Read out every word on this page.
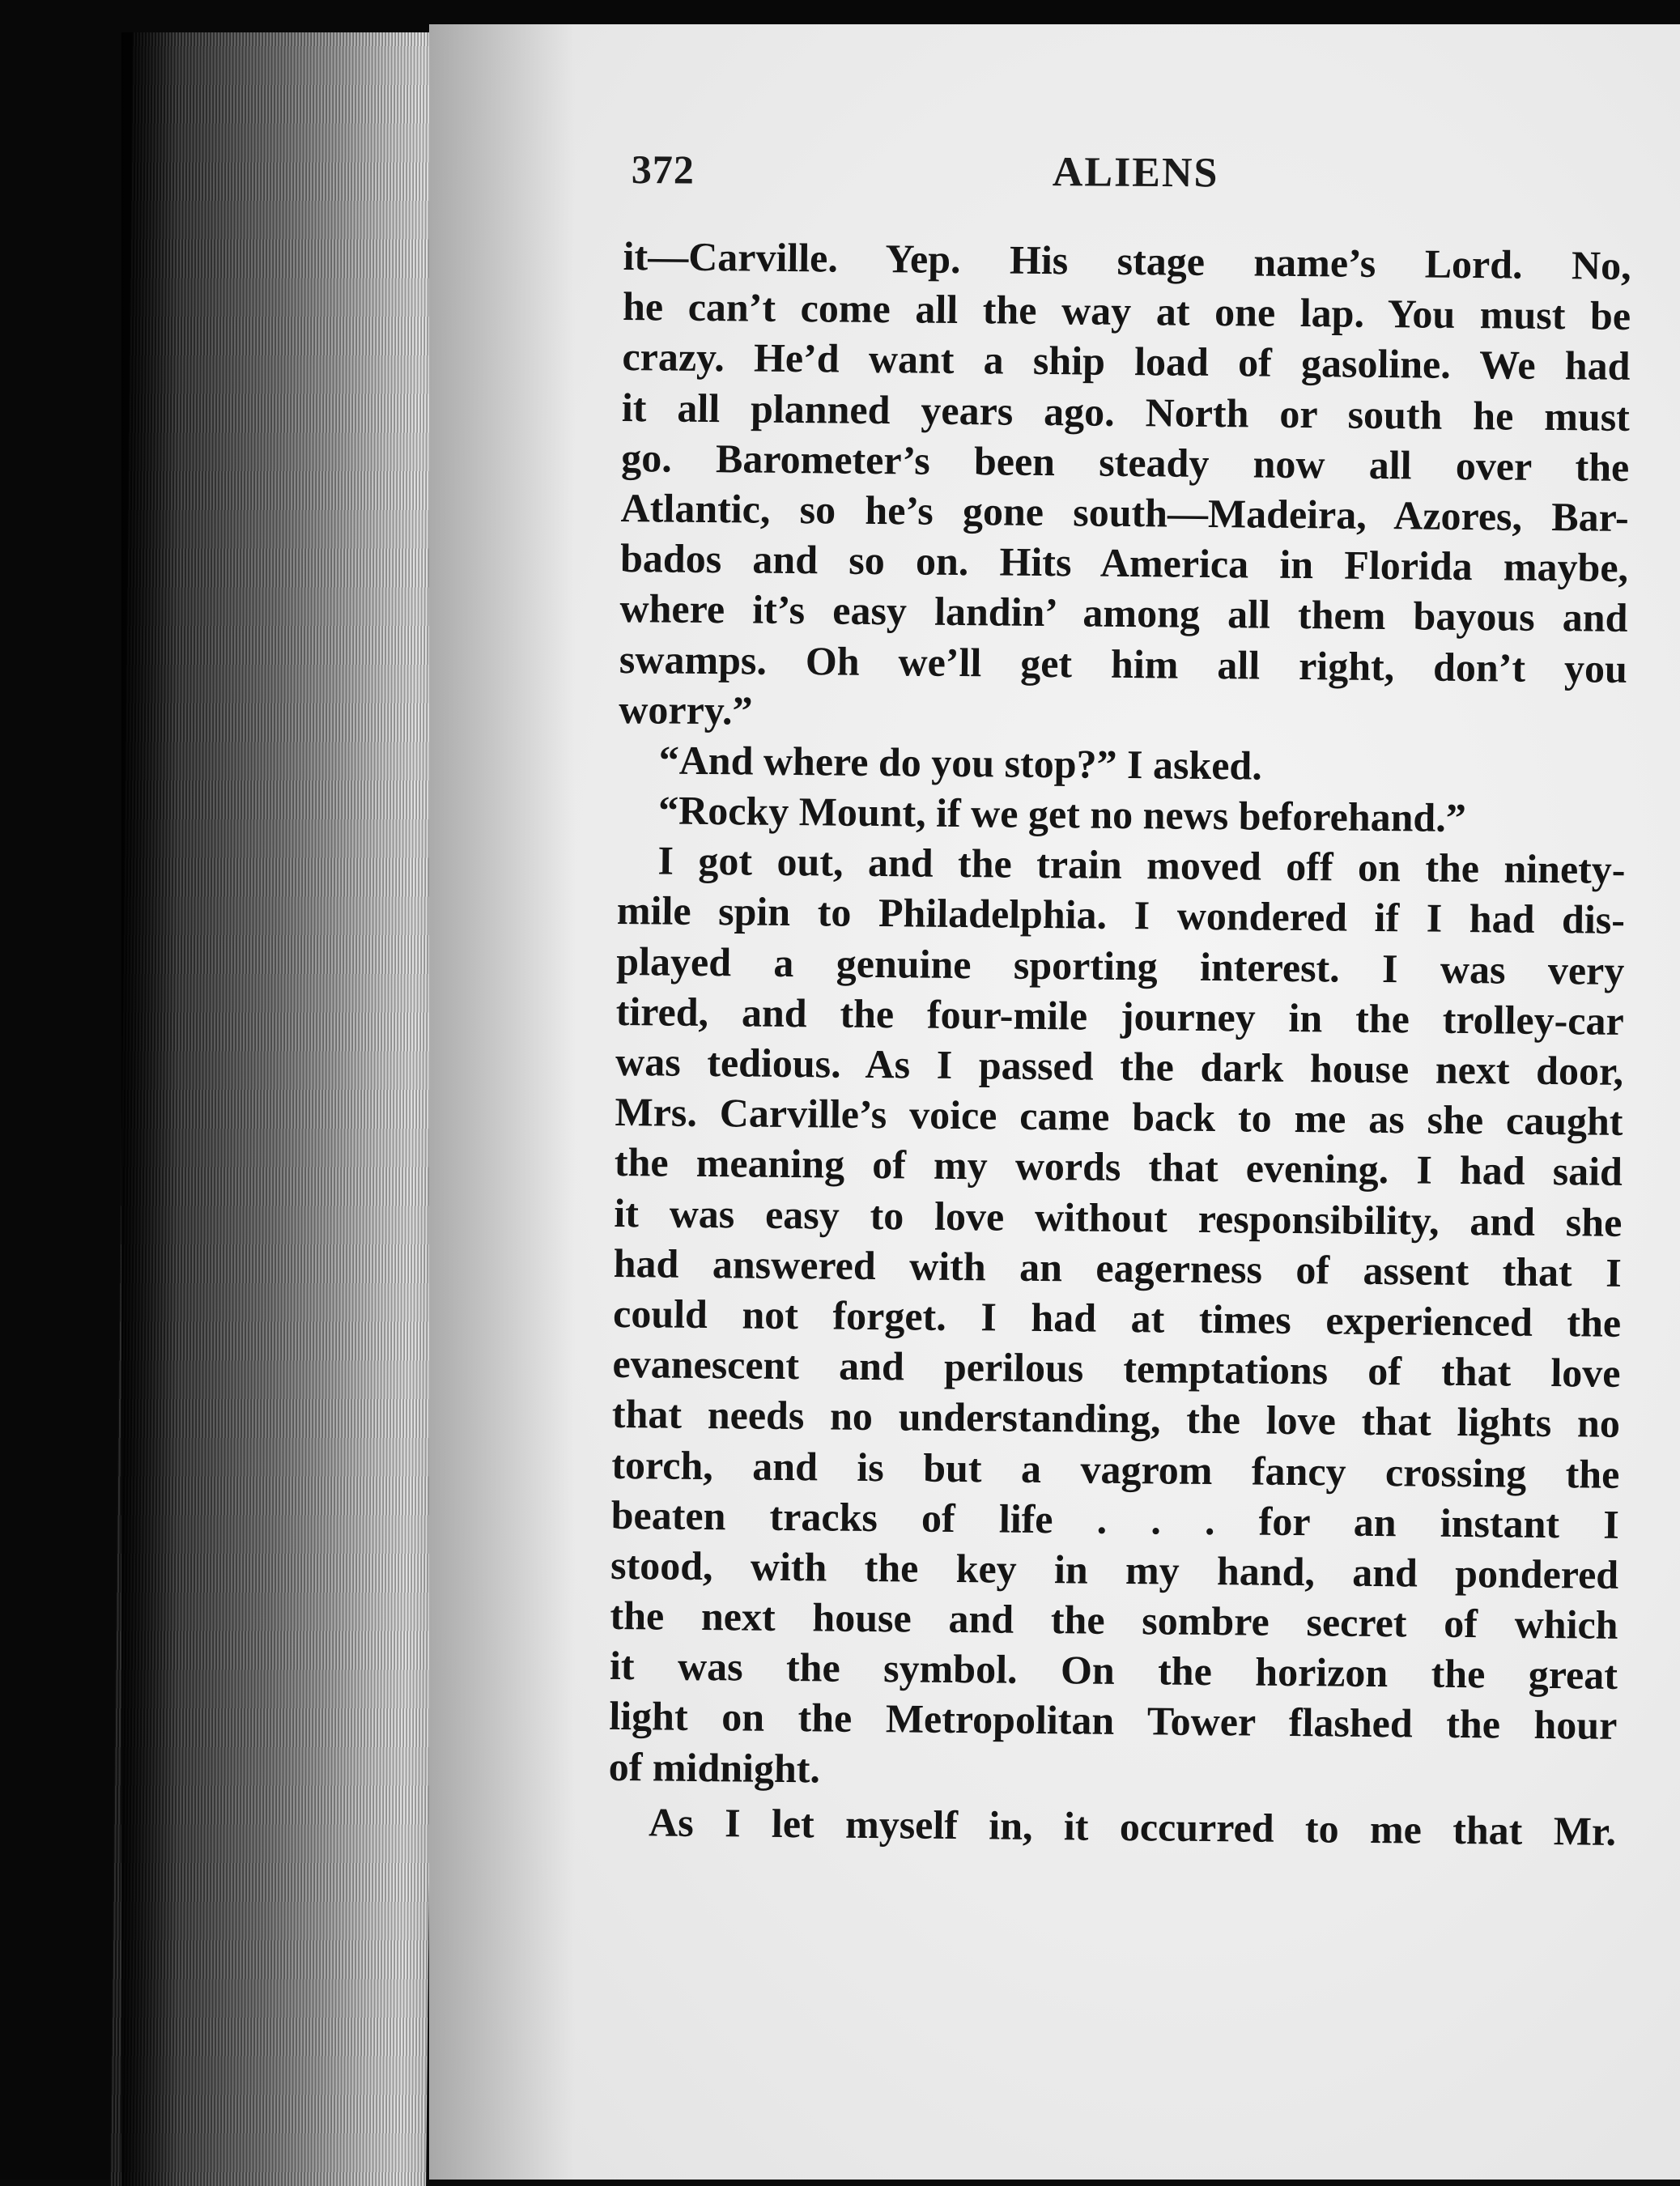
372	ALIENS
it—Carville. Yep. His stage name’s Lord. No,
he can’t come all the way at one lap. You must be
crazy. He’d want a ship load of gasoline. We had
it all planned years ago. North or south he must
go. Barometer’s been steady now all over the
Atlantic, so he’s gone south—Madeira, Azores, Bar-
bados and so on. Hits America in Florida maybe,
where it’s easy landin’ among all them bayous and
swamps. Oh we’ll get him all right, don’t you
worry.”
“And where do you stop?” I asked.
“Rocky Mount, if we get no news beforehand.”
I got out, and the train moved off on the ninety-
mile spin to Philadelphia. I wondered if I had dis-
played a genuine sporting interest. I was very
tired, and the four-mile journey in the trolley-car
was tedious. As I passed the dark house next door,
Mrs. Carville’s voice came back to me as she caught
the meaning of my words that evening. I had said
it was easy to love without responsibility, and she
had answered with an eagerness of assent that I
could not forget. I had at times experienced the
evanescent and perilous temptations of that love
that needs no understanding, the love that lights no
torch, and is but a vagrom fancy crossing the
beaten tracks of life . . . for an instant I
stood, with the key in my hand, and pondered
the next house and the sombre secret of which
it was the symbol. On the horizon the great
light on the Metropolitan Tower flashed the hour
of midnight.
As I let myself in, it occurred to me that Mr.
